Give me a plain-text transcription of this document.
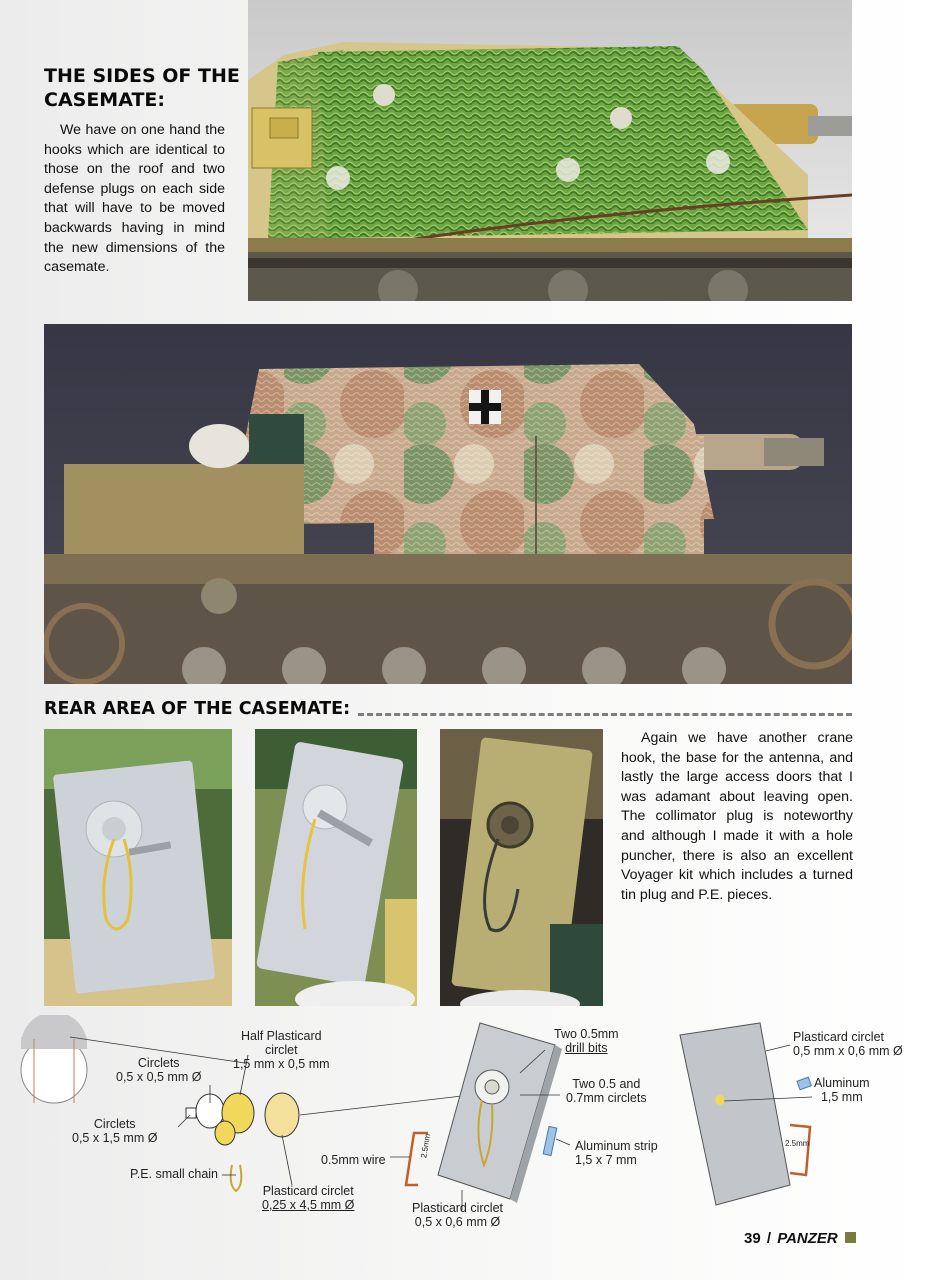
THE SIDES OF THE
CASEMATE:
We have on one hand the hooks which are identical to those on the roof and two defense plugs on each side that will have to be moved backwards having in mind the new dimensions of the casemate.
REAR AREA OF THE CASEMATE:
Again we have another crane hook, the base for the antenna, and lastly the large access doors that I was adamant about leaving open. The collimator plug is noteworthy and although I made it with a hole puncher, there is also an excellent Voyager kit which includes a turned tin plug and P.E. pieces.
Half Plasticard
circlet
1,5 mm x 0,5 mm
Circlets
0,5 x 0,5 mm Ø
Circlets
0,5 x 1,5 mm Ø
P.E. small chain
Plasticard circlet
0,25 x 4,5 mm Ø
0.5mm wire
Plasticard circlet
0,5 x 0,6 mm Ø
Two 0.5mm
drill bits
Two 0.5 and
0.7mm circlets
Aluminum strip
1,5 x 7 mm
Plasticard circlet
0,5 mm x 0,6 mm Ø
Aluminum
1,5 mm
2.5mm	2.5mm
39 / PANZER
